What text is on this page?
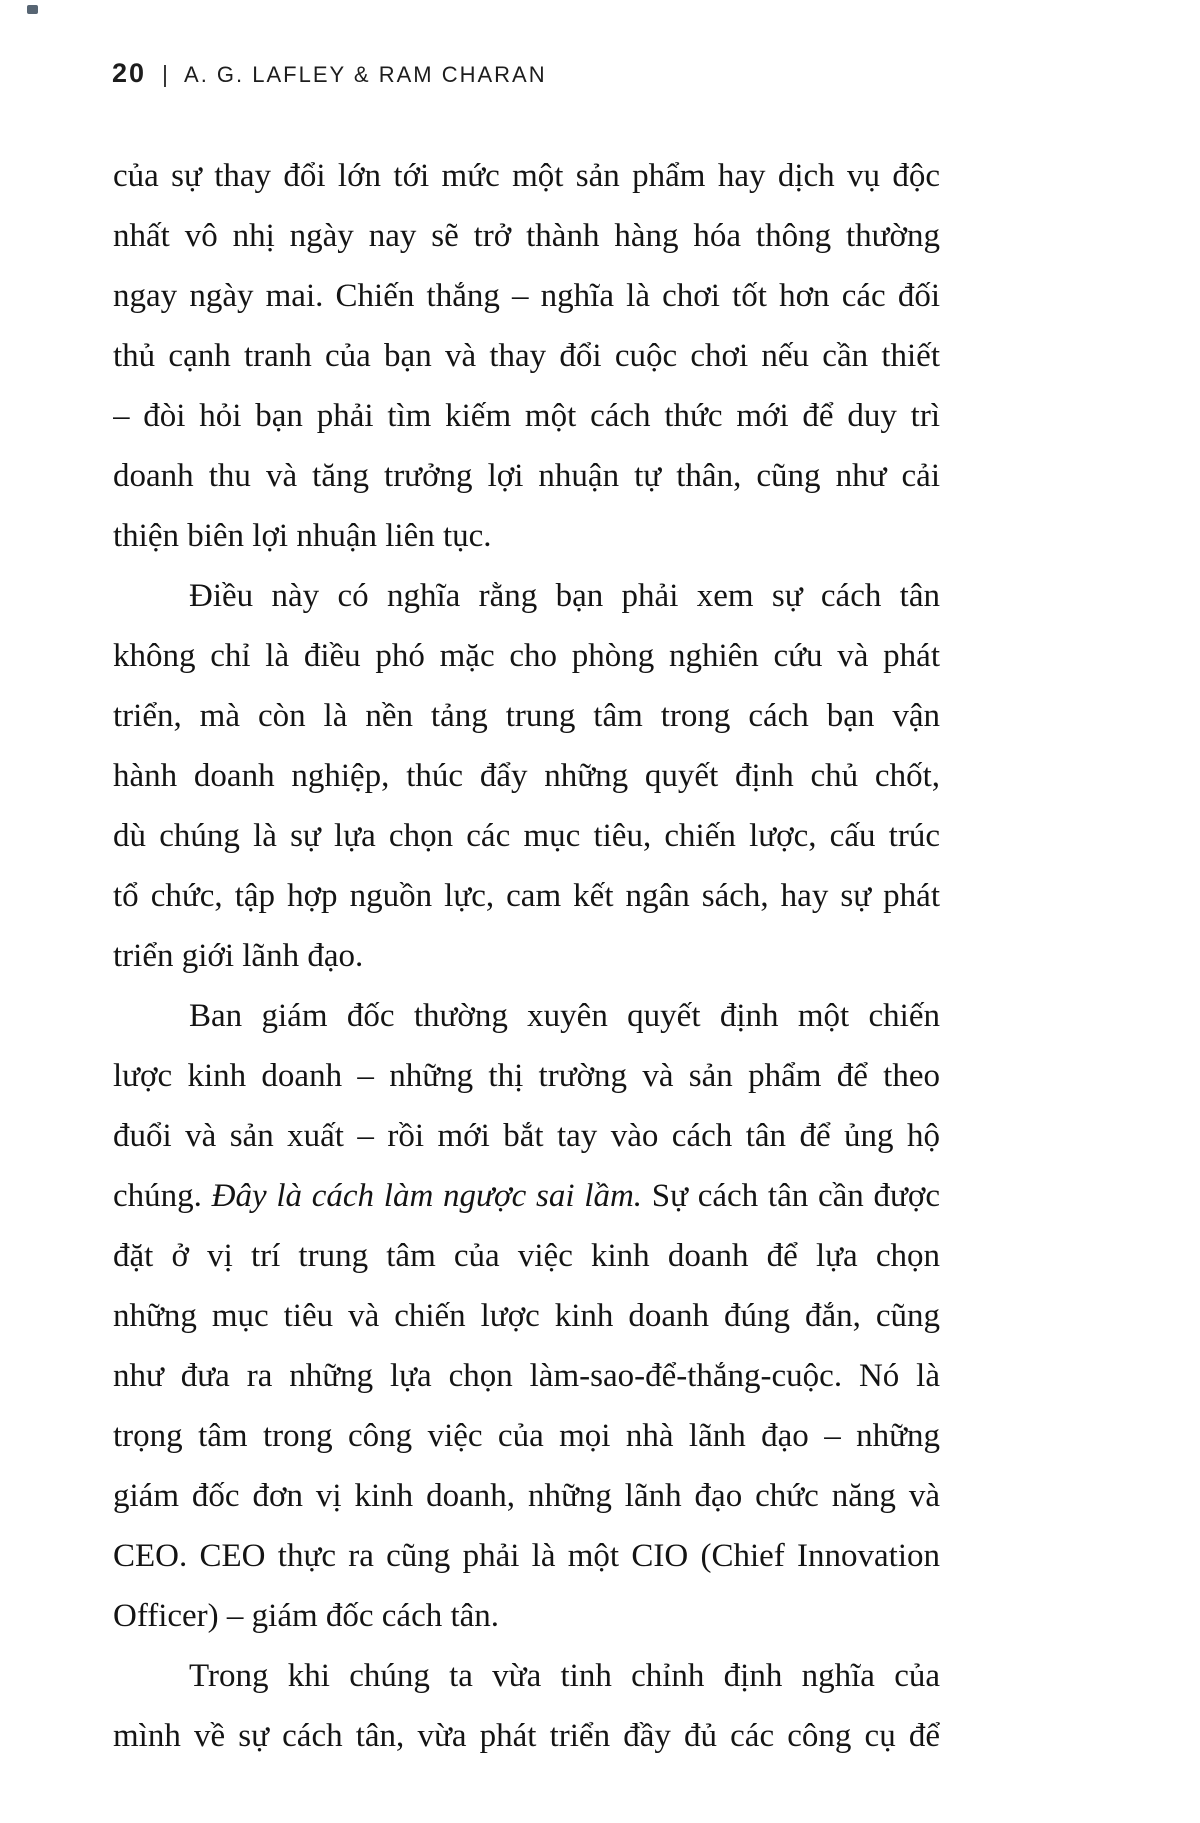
20 | A. G. LAFLEY & RAM CHARAN
của sự thay đổi lớn tới mức một sản phẩm hay dịch vụ độc
nhất vô nhị ngày nay sẽ trở thành hàng hóa thông thường
ngay ngày mai. Chiến thắng – nghĩa là chơi tốt hơn các đối
thủ cạnh tranh của bạn và thay đổi cuộc chơi nếu cần thiết
– đòi hỏi bạn phải tìm kiếm một cách thức mới để duy trì
doanh thu và tăng trưởng lợi nhuận tự thân, cũng như cải
thiện biên lợi nhuận liên tục.
Điều này có nghĩa rằng bạn phải xem sự cách tân
không chỉ là điều phó mặc cho phòng nghiên cứu và phát
triển, mà còn là nền tảng trung tâm trong cách bạn vận
hành doanh nghiệp, thúc đẩy những quyết định chủ chốt,
dù chúng là sự lựa chọn các mục tiêu, chiến lược, cấu trúc
tổ chức, tập hợp nguồn lực, cam kết ngân sách, hay sự phát
triển giới lãnh đạo.
Ban giám đốc thường xuyên quyết định một chiến
lược kinh doanh – những thị trường và sản phẩm để theo
đuổi và sản xuất – rồi mới bắt tay vào cách tân để ủng hộ
chúng. Đây là cách làm ngược sai lầm. Sự cách tân cần được
đặt ở vị trí trung tâm của việc kinh doanh để lựa chọn
những mục tiêu và chiến lược kinh doanh đúng đắn, cũng
như đưa ra những lựa chọn làm-sao-để-thắng-cuộc. Nó là
trọng tâm trong công việc của mọi nhà lãnh đạo – những
giám đốc đơn vị kinh doanh, những lãnh đạo chức năng và
CEO. CEO thực ra cũng phải là một CIO (Chief Innovation
Officer) – giám đốc cách tân.
Trong khi chúng ta vừa tinh chỉnh định nghĩa của
mình về sự cách tân, vừa phát triển đầy đủ các công cụ để
